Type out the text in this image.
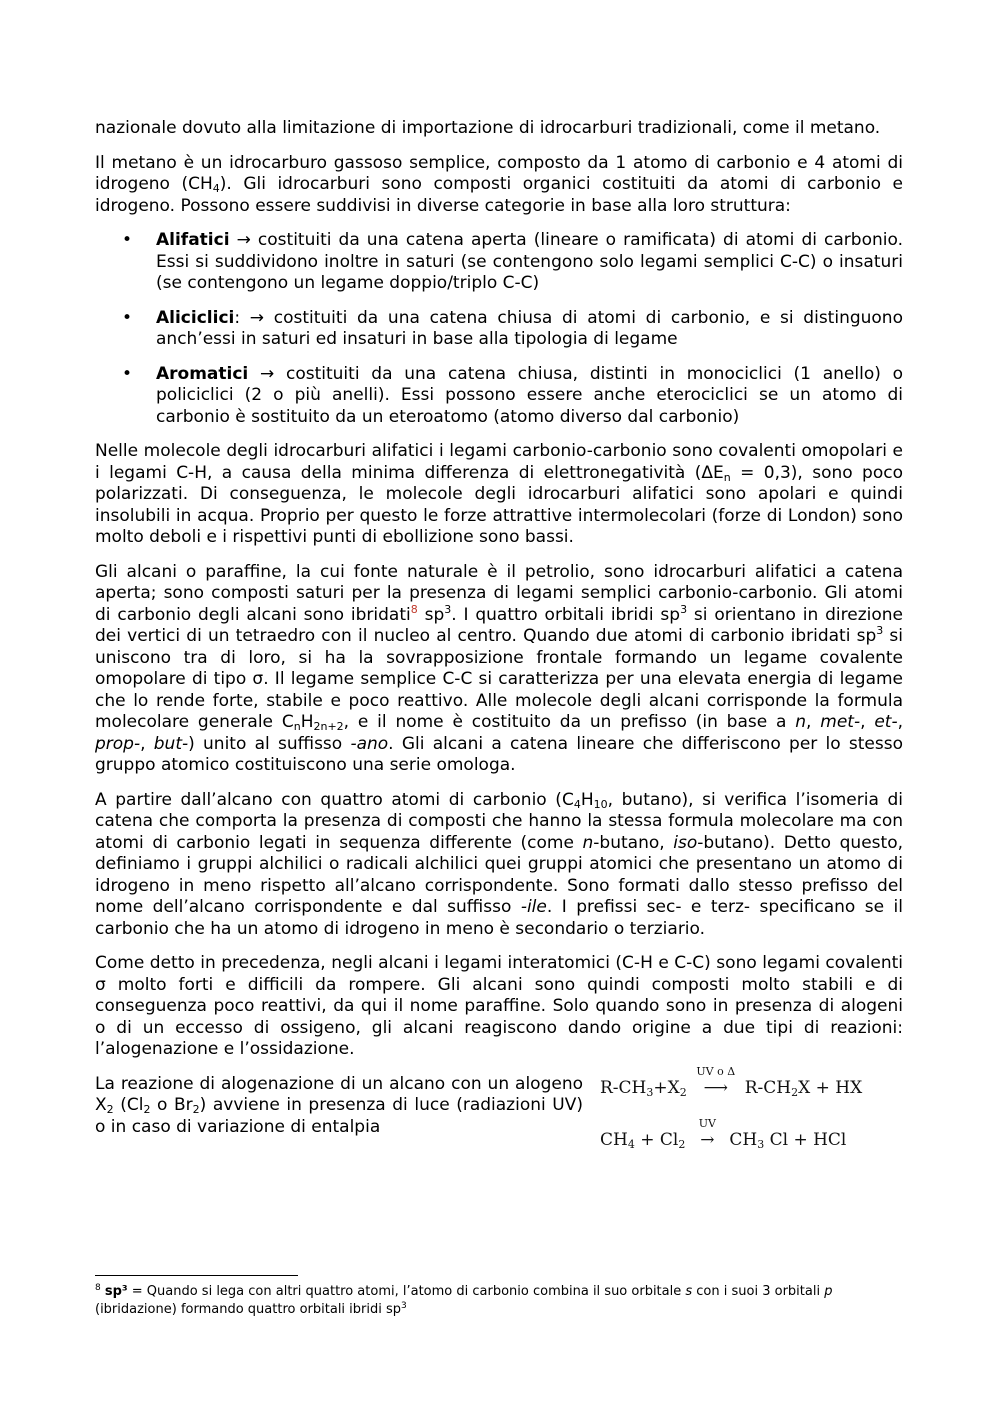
nazionale dovuto alla limitazione di importazione di idrocarburi tradizionali, come il metano.

Il metano è un idrocarburo gassoso semplice, composto da 1 atomo di carbonio e 4 atomi di idrogeno $(CH_4)$. Gli idrocarburi sono composti organici costituiti da atomi di carbonio e idrogeno. Possono essere suddivisi in diverse categorie in base alla loro struttura:

• Alifatici → costituiti da una catena aperta (lineare o ramificata) di atomi di carbonio. Essi si suddividono inoltre in saturi (se contengono solo legami semplici C-C) o insaturi (se contengono un legame doppio/triplo C-C)
• Aliciclici: → costituiti da una catena chiusa di atomi di carbonio, e si distinguono anch’essi in saturi ed insaturi in base alla tipologia di legame
• Aromatici → costituiti da una catena chiusa, distinti in monociclici (1 anello) o policiclici (2 o più anelli). Essi possono essere anche eterociclici se un atomo di carbonio è sostituito da un eteroatomo (atomo diverso dal carbonio)

Nelle molecole degli idrocarburi alifatici i legami carbonio-carbonio sono covalenti omopolari e i legami C-H, a causa della minima differenza di elettronegatività $(\Delta E_n = 0,3)$, sono poco polarizzati. Di conseguenza, le molecole degli idrocarburi alifatici sono apolari e quindi insolubili in acqua. Proprio per questo le forze attrattive intermolecolari (forze di London) sono molto deboli e i rispettivi punti di ebollizione sono bassi.

Gli alcani o paraffine, la cui fonte naturale è il petrolio, sono idrocarburi alifatici a catena aperta; sono composti saturi per la presenza di legami semplici carbonio-carbonio. Gli atomi di carbonio degli alcani sono ibridati$^8$ $sp^3$. I quattro orbitali ibridi $sp^3$ si orientano in direzione dei vertici di un tetraedro con il nucleo al centro. Quando due atomi di carbonio ibridati $sp^3$ si uniscono tra di loro, si ha la sovrapposizione frontale formando un legame covalente omopolare di tipo σ. Il legame semplice C-C si caratterizza per una elevata energia di legame che lo rende forte, stabile e poco reattivo. Alle molecole degli alcani corrisponde la formula molecolare generale $C_nH_{2n+2}$, e il nome è costituito da un prefisso (in base a n, met-, et-, prop-, but-) unito al suffisso -ano. Gli alcani a catena lineare che differiscono per lo stesso gruppo atomico costituiscono una serie omologa.

A partire dall’alcano con quattro atomi di carbonio ($C_4H_{10}$, butano), si verifica l’isomeria di catena che comporta la presenza di composti che hanno la stessa formula molecolare ma con atomi di carbonio legati in sequenza differente (come n-butano, iso-butano). Detto questo, definiamo i gruppi alchilici o radicali alchilici quei gruppi atomici che presentano un atomo di idrogeno in meno rispetto all’alcano corrispondente. Sono formati dallo stesso prefisso del nome dell’alcano corrispondente e dal suffisso -ile. I prefissi sec- e terz- specificano se il carbonio che ha un atomo di idrogeno in meno è secondario o terziario.

Come detto in precedenza, negli alcani i legami interatomici (C-H e C-C) sono legami covalenti σ molto forti e difficili da rompere. Gli alcani sono quindi composti molto stabili e di conseguenza poco reattivi, da qui il nome paraffine. Solo quando sono in presenza di alogeni o di un eccesso di ossigeno, gli alcani reagiscono dando origine a due tipi di reazioni: l’alogenazione e l’ossidazione.

La reazione di alogenazione di un alcano con un alogeno $X_2$ ($Cl_2$ o $Br_2$) avviene in presenza di luce (radiazioni UV) o in caso di variazione di entalpia

$R-CH_3+X_2$
UV o Δ
⟶ $R-CH_2X$ + HX
$CH_4 + Cl_2$
UV
→ $CH_3$ Cl + HCl
$^8$ sp³ = Quando si lega con altri quattro atomi, l’atomo di carbonio combina il suo orbitale s con i suoi 3 orbitali p (ibridazione) formando quattro orbitali ibridi $sp^3$
